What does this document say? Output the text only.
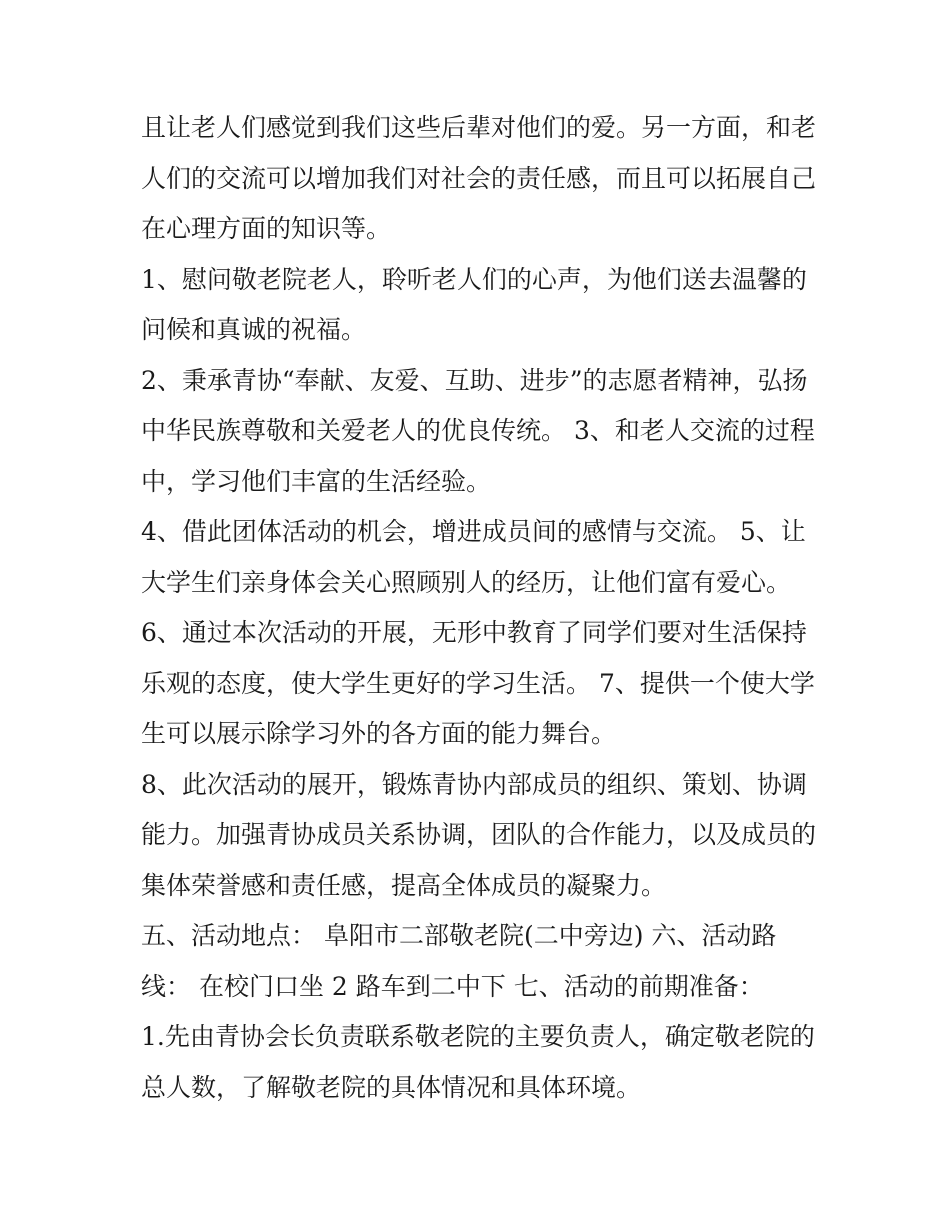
且让老人们感觉到我们这些后辈对他们的爱。另一方面，和老
人们的交流可以增加我们对社会的责任感，而且可以拓展自己
在心理方面的知识等。
1、慰问敬老院老人，聆听老人们的心声，为他们送去温馨的
问候和真诚的祝福。
2、秉承青协“奉献、友爱、互助、进步”的志愿者精神，弘扬
中华民族尊敬和关爱老人的优良传统。 3、和老人交流的过程
中，学习他们丰富的生活经验。
4、借此团体活动的机会，增进成员间的感情与交流。 5、让
大学生们亲身体会关心照顾别人的经历，让他们富有爱心。
6、通过本次活动的开展，无形中教育了同学们要对生活保持
乐观的态度，使大学生更好的学习生活。 7、提供一个使大学
生可以展示除学习外的各方面的能力舞台。
8、此次活动的展开，锻炼青协内部成员的组织、策划、协调
能力。加强青协成员关系协调，团队的合作能力，以及成员的
集体荣誉感和责任感，提高全体成员的凝聚力。
五、活动地点： 阜阳市二部敬老院(二中旁边) 六、活动路
线： 在校门口坐 2 路车到二中下 七、活动的前期准备：
1.先由青协会长负责联系敬老院的主要负责人，确定敬老院的
总人数，了解敬老院的具体情况和具体环境。
